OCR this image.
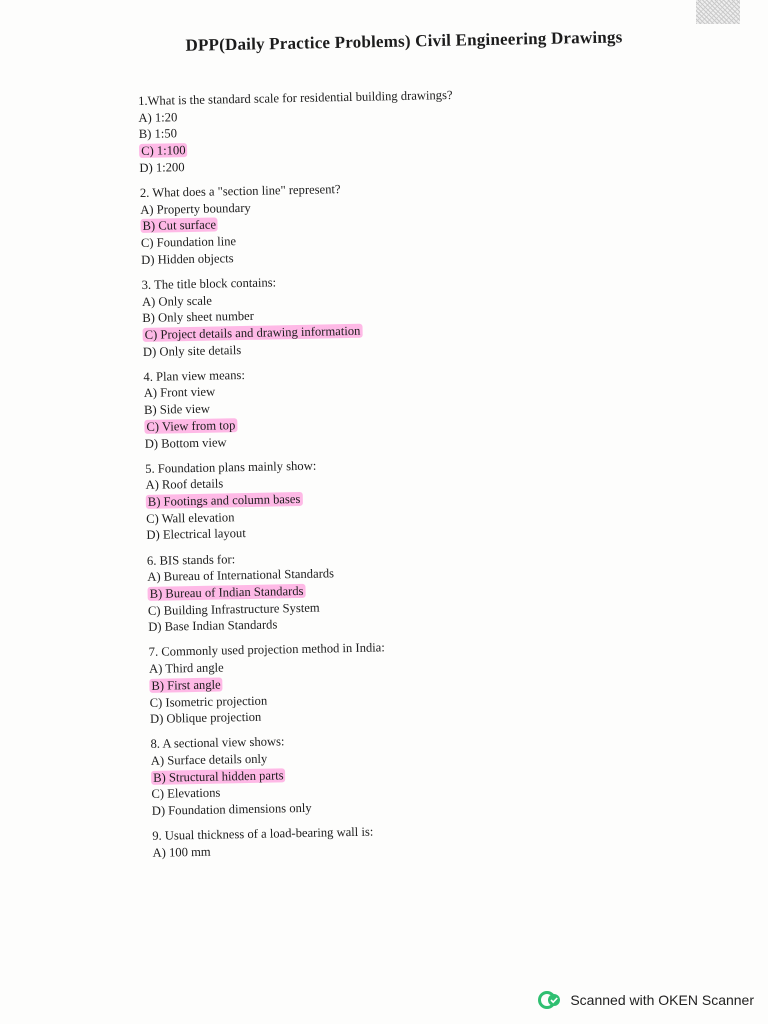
DPP(Daily Practice Problems) Civil Engineering Drawings
1.What is the standard scale for residential building drawings?
A) 1:20
B) 1:50
C) 1:100
D) 1:200
2. What does a "section line" represent?
A) Property boundary
B) Cut surface
C) Foundation line
D) Hidden objects
3. The title block contains:
A) Only scale
B) Only sheet number
C) Project details and drawing information
D) Only site details
4. Plan view means:
A) Front view
B) Side view
C) View from top
D) Bottom view
5. Foundation plans mainly show:
A) Roof details
B) Footings and column bases
C) Wall elevation
D) Electrical layout
6. BIS stands for:
A) Bureau of International Standards
B) Bureau of Indian Standards
C) Building Infrastructure System
D) Base Indian Standards
7. Commonly used projection method in India:
A) Third angle
B) First angle
C) Isometric projection
D) Oblique projection
8. A sectional view shows:
A) Surface details only
B) Structural hidden parts
C) Elevations
D) Foundation dimensions only
9. Usual thickness of a load-bearing wall is:
A) 100 mm
Scanned with OKEN Scanner
